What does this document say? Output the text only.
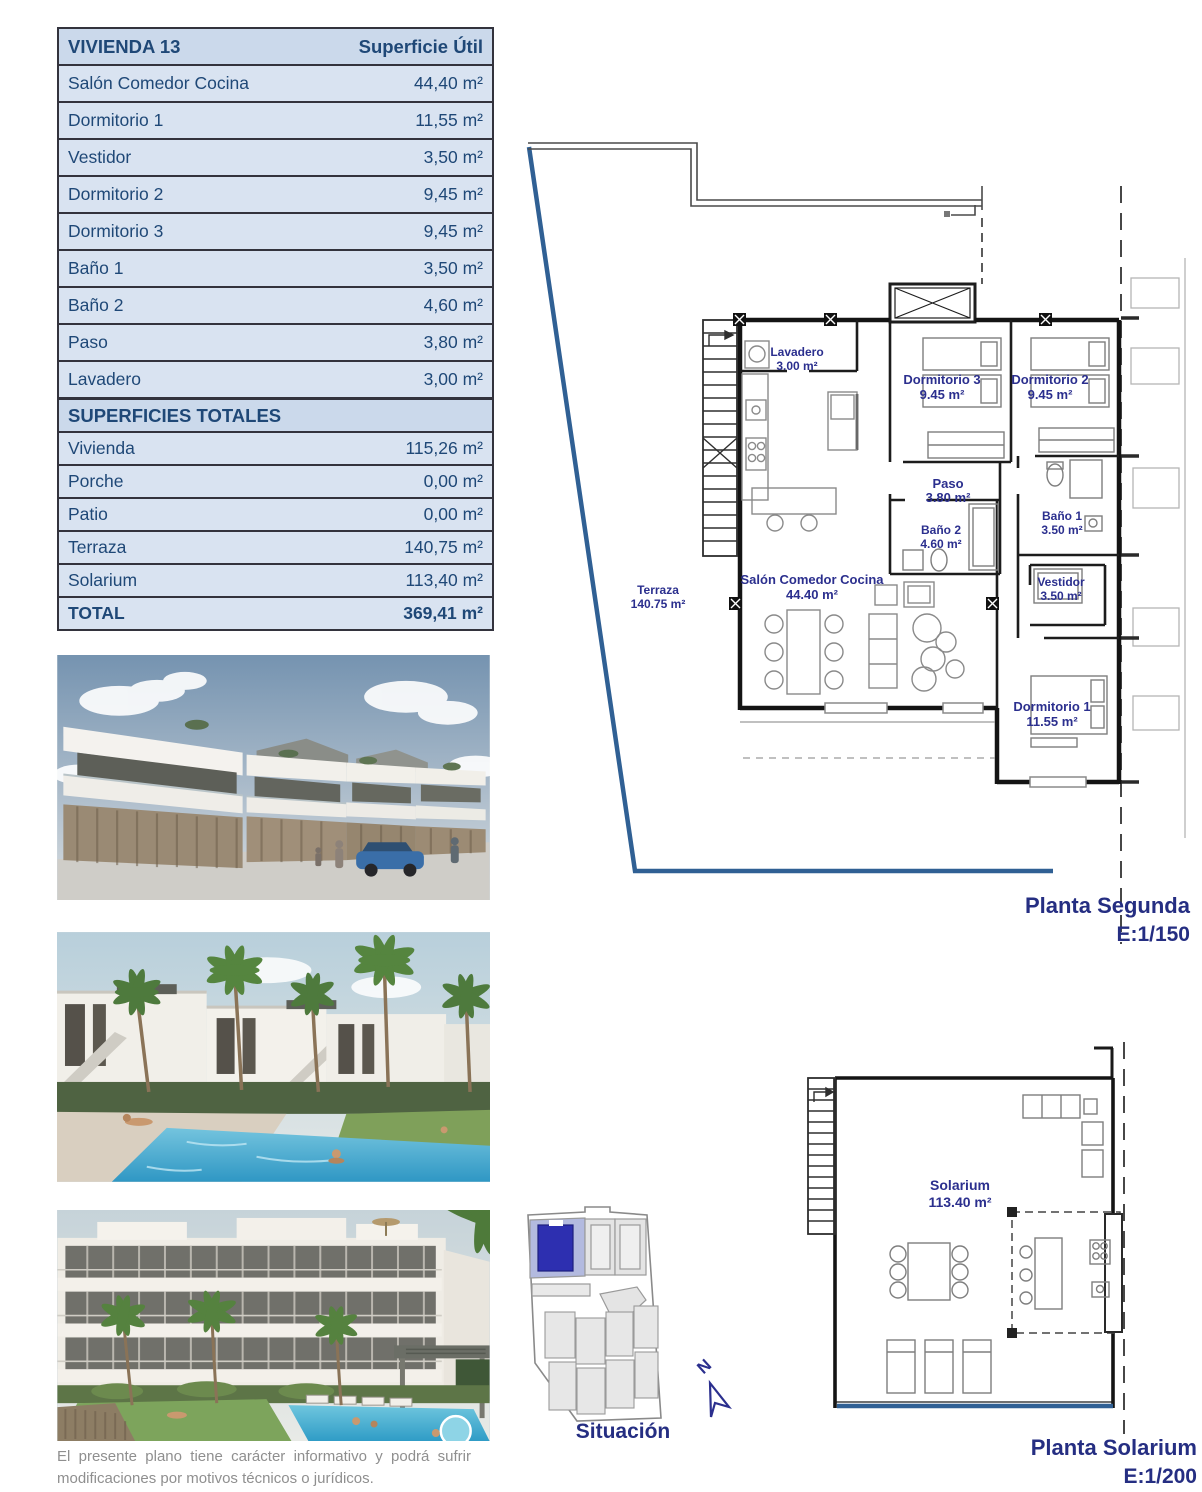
VIVIENDA 13	Superficie Útil
Salón Comedor Cocina	44,40 m²
Dormitorio 1	11,55 m²
Vestidor	3,50 m²
Dormitorio 2	9,45 m²
Dormitorio 3	9,45 m²
Baño 1	3,50 m²
Baño 2	4,60 m²
Paso	3,80 m²
Lavadero	3,00 m²
SUPERFICIES TOTALES
Vivienda	115,26 m²
Porche	0,00 m²
Patio	0,00 m²
Terraza	140,75 m²
Solarium	113,40 m²
TOTAL	369,41 m²
El presente plano tiene carácter informativo y podrá sufrir modificaciones por motivos técnicos o jurídicos.
Lavadero
3.00 m²
Dormitorio 3
9.45 m²
Dormitorio 2
9.45 m²
Paso
3.80 m²
Baño 2
4.60 m²
Baño 1
3.50 m²
Vestidor
3.50 m²
Salón Comedor Cocina
44.40 m²
Dormitorio 1
11.55 m²
Terraza
140.75 m²
Planta Segunda
E:1/150
Solarium
113.40 m²
Planta Solarium
E:1/200
N
Situación
